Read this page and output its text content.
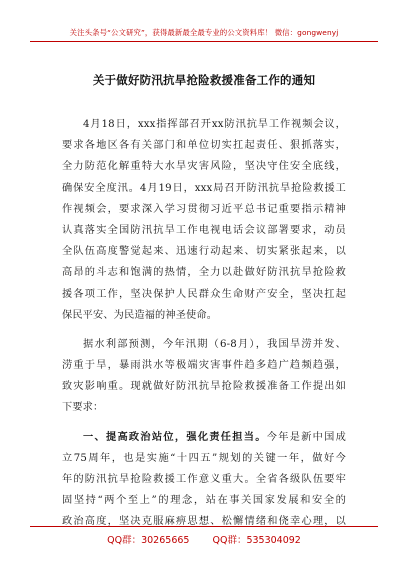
关注头条号“公文研究”，获得最新最全最专业的公文资料库！ 微信：gongwenyj
关于做好防汛抗旱抢险救援准备工作的通知
4月18日，xxx指挥部召开xx防汛抗旱工作视频会议，
要求各地区各有关部门和单位切实扛起责任、狠抓落实，
全力防范化解重特大水旱灾害风险，坚决守住安全底线，
确保安全度汛。4月19日，xxx局召开防汛抗旱抢险救援工
作视频会，要求深入学习贯彻习近平总书记重要指示精神
认真落实全国防汛抗旱工作电视电话会议部署要求，动员
全队伍高度警觉起来、迅速行动起来、切实紧张起来，以
高昂的斗志和饱满的热情，全力以赴做好防汛抗旱抢险救
援各项工作，坚决保护人民群众生命财产安全，坚决扛起
保民平安、为民造福的神圣使命。
据水利部预测，今年汛期（6-8月），我国旱涝并发、
涝重于旱，暴雨洪水等极端灾害事件趋多趋广趋频趋强，
致灾影响重。现就做好防汛抗旱抢险救援准备工作提出如
下要求：
一、提高政治站位，强化责任担当。今年是新中国成
立75周年，也是实施“十四五”规划的关键一年，做好今
年的防汛抗旱抢险救援工作意义重大。全省各级队伍要牢
固坚持“两个至上”的理念，站在事关国家发展和安全的
政治高度，坚决克服麻痹思想、松懈情绪和侥幸心理，以
QQ群：30265665 QQ群：535304092
